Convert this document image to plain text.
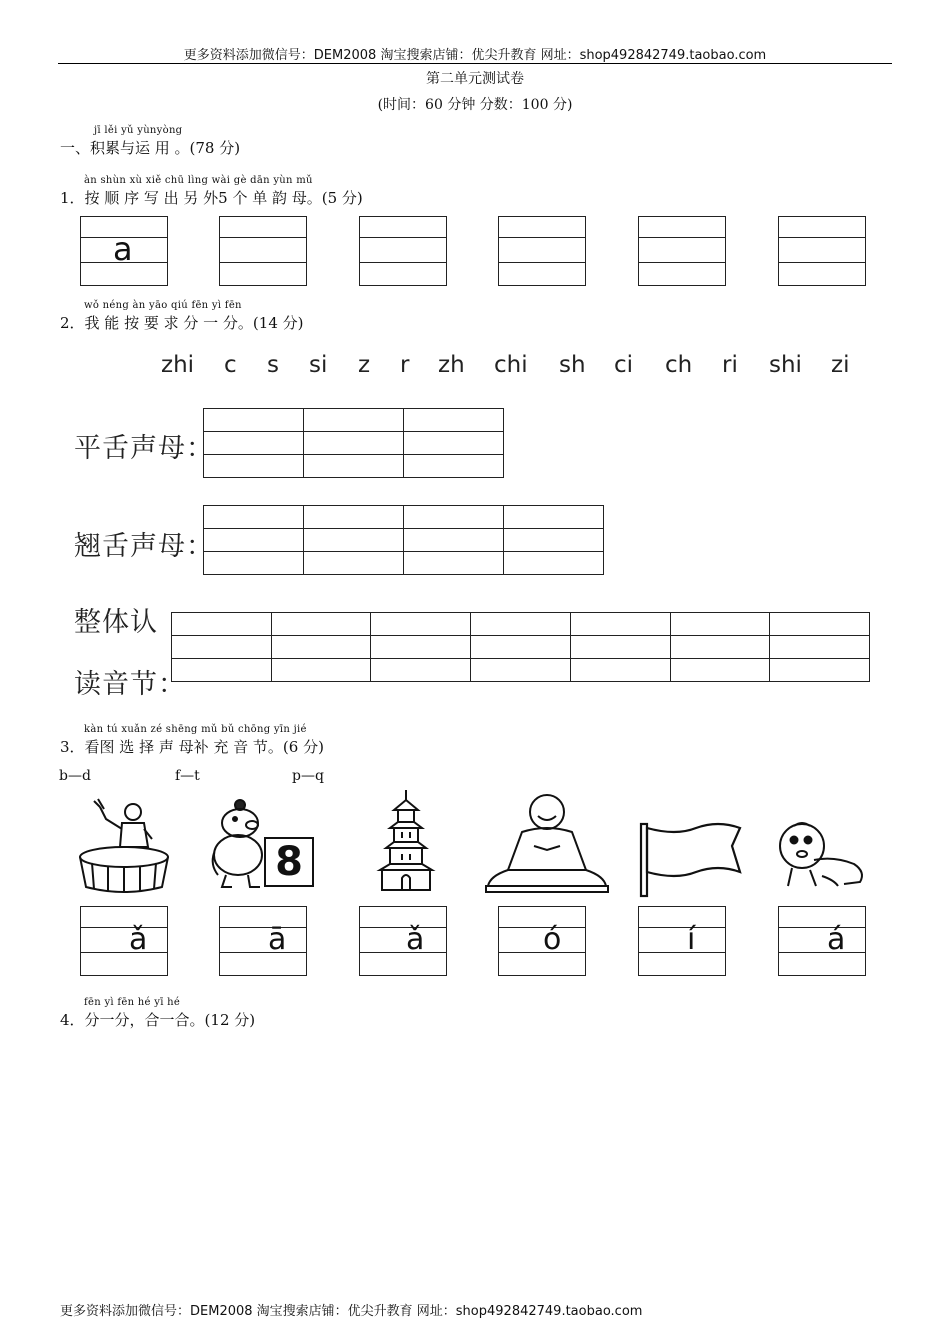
更多资料添加微信号：DEM2008 淘宝搜索店铺：优尖升教育 网址：shop492842749.taobao.com
第二单元测试卷
(时间：60 分钟 分数：100 分)
jī lěi yǔ yùnyòng
一、积累与运 用 。(78 分)
àn shùn xù xiě chū lìng wài gè dān yùn mǔ
1．按 顺 序 写 出 另 外5 个 单 韵 母。(5 分)
a
wǒ néng àn yāo qiú fēn yì fēn
2．我 能 按 要 求 分 一 分。(14 分)
zhi c s si z r zh chi sh ci ch ri shi zi
平舌声母：

翘舌声母：

整体认
读音节：

kàn tú xuǎn zé shēng mǔ bǔ chōng yīn jié
3．看图 选 择 声 母补 充 音 节。(6 分)
b—d	f—t	p—q
8
ǎ	ā	ǎ	ó	í	á
fēn yì fēn hé yī hé
4．分一分，合一合。(12 分)
更多资料添加微信号：DEM2008 淘宝搜索店铺：优尖升教育 网址：shop492842749.taobao.com
